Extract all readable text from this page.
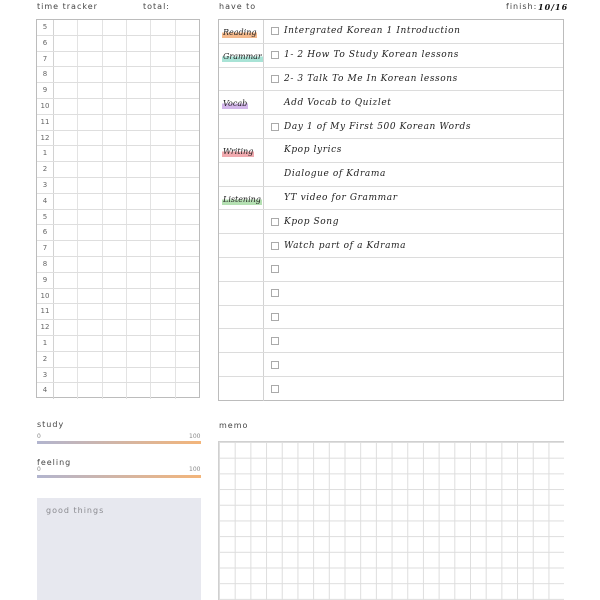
time tracker	total:	have to	finish: 10/16
5
6
7
8
9
10
11
12
1
2
3
4
5
6
7
8
9
10
11
12
1
2
3
4
Reading	Intergrated Korean 1 Introduction
Grammar 1- 2 How To Study Korean lessons
2- 3 Talk To Me In Korean lessons
Vocab	Add Vocab to Quizlet
Day 1 of My First 500 Korean Words
Writing	Kpop lyrics
Dialogue of Kdrama
Listening	YT video for Grammar
Kpop Song
Watch part of a Kdrama
study
0	100
feeling
0	100
good things
memo
